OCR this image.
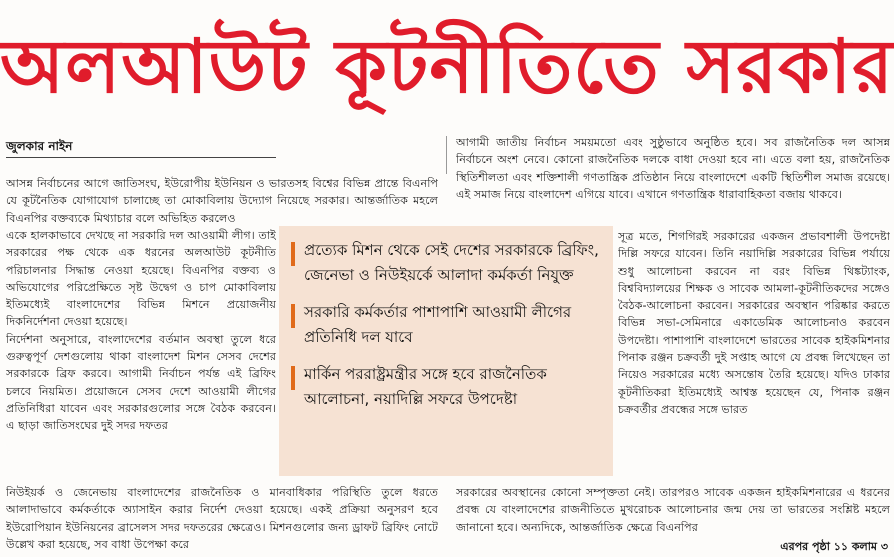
অলআউট কূটনীতিতে সরকার
জুলকার নাইন	আগামী জাতীয় নির্বাচন সময়মতো এবং সুষ্ঠুভাবে অনুষ্ঠিত হবে। সব রাজনৈতিক দল আসন্ন নির্বাচনে অংশ নেবে। কোনো রাজনৈতিক দলকে বাধা দেওয়া হবে না। এতে বলা হয়, রাজনৈতিক স্থিতিশীলতা এবং শক্তিশালী গণতান্ত্রিক প্রতিষ্ঠান নিয়ে বাংলাদেশে একটি স্থিতিশীল সমাজ রয়েছে। এই সমাজ নিয়ে বাংলাদেশ এগিয়ে যাবে। এখানে গণতান্ত্রিক ধারাবাহিকতা বজায় থাকবে।
আসন্ন নির্বাচনের আগে জাতিসংঘ, ইউরোপীয় ইউনিয়ন ও ভারতসহ বিশ্বের বিভিন্ন প্রান্তে বিএনপি যে কূটনৈতিক যোগাযোগ চালাচ্ছে তা মোকাবিলায় উদ্যোগ নিয়েছে সরকার। আন্তর্জাতিক মহলে বিএনপির বক্তব্যকে মিথ্যাচার বলে অভিহিত করলেও

একে হালকাভাবে দেখছে না সরকারি দল আওয়ামী লীগ। তাই সরকারের পক্ষ থেকে এক ধরনের অলআউট কূটনীতি পরিচালনার সিদ্ধান্ত নেওয়া হয়েছে। বিএনপির বক্তব্য ও অভিযোগের পরিপ্রেক্ষিতে সৃষ্ট উদ্বেগ ও চাপ মোকাবিলায় ইতিমধ্যেই বাংলাদেশের বিভিন্ন মিশনে প্রয়োজনীয় দিকনির্দেশনা দেওয়া হয়েছে।

নির্দেশনা অনুসারে, বাংলাদেশের বর্তমান অবস্থা তুলে ধরে গুরুত্বপূর্ণ দেশগুলোয় থাকা বাংলাদেশ মিশন সেসব দেশের সরকারকে ব্রিফ করবে। আগামী নির্বাচন পর্যন্ত এই ব্রিফিং চলবে নিয়মিত। প্রয়োজনে সেসব দেশে আওয়ামী লীগের প্রতিনিধিরা যাবেন এবং সরকারগুলোর সঙ্গে বৈঠক করবেন। এ ছাড়া জাতিসংঘের দুই সদর দফতর

প্রত্যেক মিশন থেকে সেই দেশের সরকারকে ব্রিফিং, জেনেভা ও নিউইয়র্কে আলাদা কর্মকর্তা নিযুক্ত
সরকারি কর্মকর্তার পাশাপাশি আওয়ামী লীগের প্রতিনিধি দল যাবে
মার্কিন পররাষ্ট্রমন্ত্রীর সঙ্গে হবে রাজনৈতিক আলোচনা, নয়াদিল্লি সফরে উপদেষ্টা
সূত্র মতে, শিগগিরই সরকারের একজন প্রভাবশালী উপদেষ্টা দিল্লি সফরে যাবেন। তিনি নয়াদিল্লি সরকারের বিভিন্ন পর্যায়ে শুধু আলোচনা করবেন না বরং বিভিন্ন থিঙ্কট্যাংক, বিশ্ববিদ্যালয়ের শিক্ষক ও সাবেক আমলা-কূটনীতিকদের সঙ্গেও বৈঠক-আলোচনা করবেন। সরকারের অবস্থান পরিষ্কার করতে বিভিন্ন সভা-সেমিনারে একাডেমিক আলোচনাও করবেন উপদেষ্টা। পাশাপাশি বাংলাদেশে ভারতের সাবেক হাইকমিশনার পিনাক রঞ্জন চক্রবর্তী দুই সপ্তাহ আগে যে প্রবন্ধ লিখেছেন তা নিয়েও সরকারের মধ্যে অসন্তোষ তৈরি হয়েছে। যদিও ঢাকার কূটনীতিকরা ইতিমধ্যেই আশ্বস্ত হয়েছেন যে, পিনাক রঞ্জন চক্রবর্তীর প্রবন্ধের সঙ্গে ভারত
নিউইয়র্ক ও জেনেভায় বাংলাদেশের রাজনৈতিক ও মানবাধিকার পরিস্থিতি তুলে ধরতে আলাদাভাবে কর্মকর্তাকে অ্যাসাইন করার নির্দেশ দেওয়া হয়েছে। একই প্রক্রিয়া অনুসরণ হবে ইউরোপিয়ান ইউনিয়নের ব্রাসেলস সদর দফতরের ক্ষেত্রেও। মিশনগুলোর জন্য ড্রাফট ব্রিফিং নোটে উল্লেখ করা হয়েছে, সব বাধা উপেক্ষা করে
সরকারের অবস্থানের কোনো সম্পৃক্ততা নেই। তারপরও সাবেক একজন হাইকমিশনারের এ ধরনের প্রবন্ধ যে বাংলাদেশের রাজনীতিতে মুখরোচক আলোচনার জন্ম দেয় তা ভারতের সংশ্লিষ্ট মহলে জানানো হবে। অন্যদিকে, আন্তর্জাতিক ক্ষেত্রে বিএনপির
এরপর পৃষ্ঠা ১১ কলাম ৩
